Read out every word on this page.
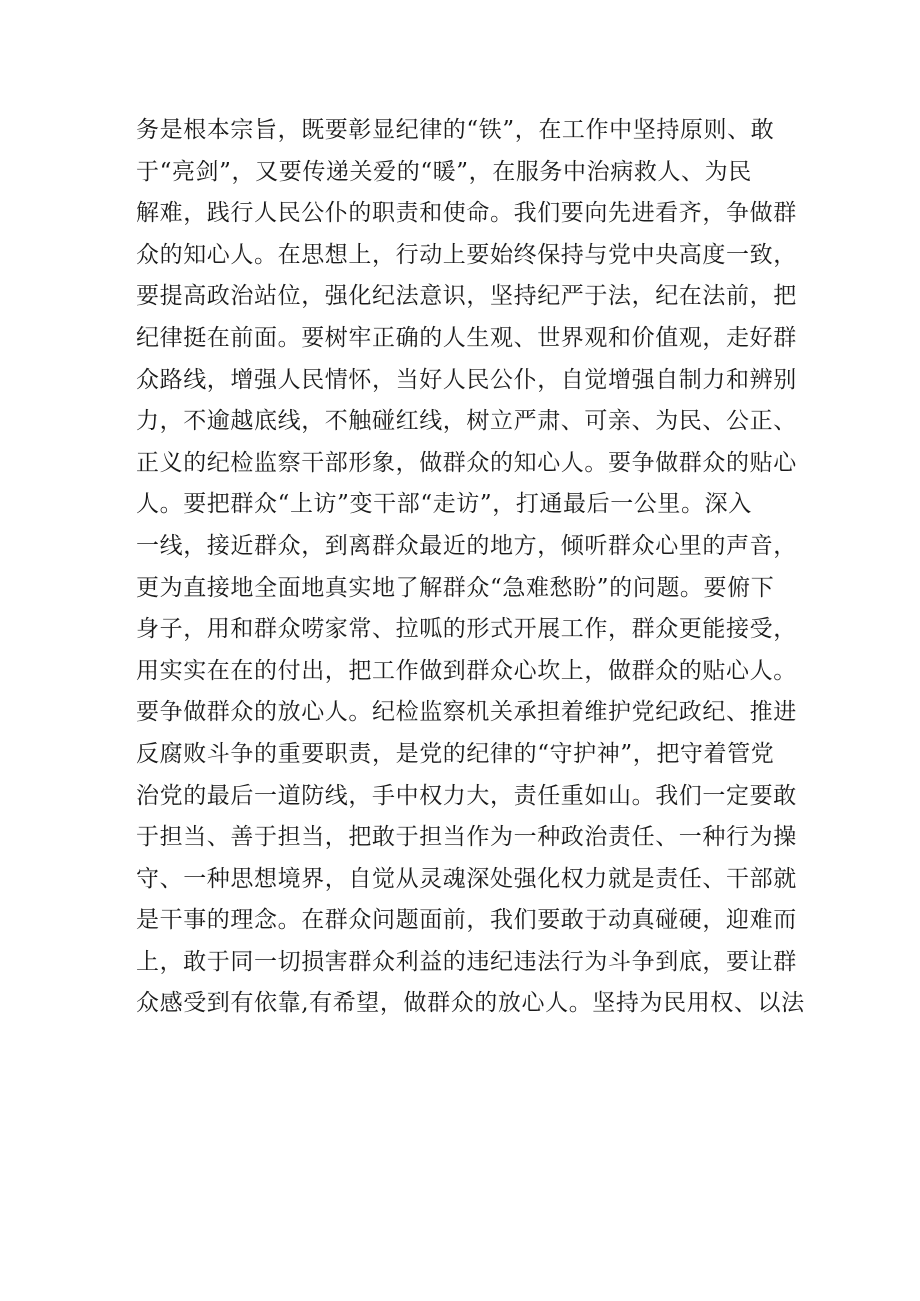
务是根本宗旨，既要彰显纪律的“铁”，在工作中坚持原则、敢
于“亮剑”，又要传递关爱的“暖”，在服务中治病救人、为民
解难，践行人民公仆的职责和使命。我们要向先进看齐，争做群
众的知心人。在思想上，行动上要始终保持与党中央高度一致，
要提高政治站位，强化纪法意识，坚持纪严于法，纪在法前，把
纪律挺在前面。要树牢正确的人生观、世界观和价值观，走好群
众路线，增强人民情怀，当好人民公仆，自觉增强自制力和辨别
力，不逾越底线，不触碰红线，树立严肃、可亲、为民、公正、
正义的纪检监察干部形象，做群众的知心人。要争做群众的贴心
人。要把群众“上访”变干部“走访”，打通最后一公里。深入
一线，接近群众，到离群众最近的地方，倾听群众心里的声音，
更为直接地全面地真实地了解群众“急难愁盼”的问题。要俯下
身子，用和群众唠家常、拉呱的形式开展工作，群众更能接受，
用实实在在的付出，把工作做到群众心坎上，做群众的贴心人。
要争做群众的放心人。纪检监察机关承担着维护党纪政纪、推进
反腐败斗争的重要职责，是党的纪律的“守护神”，把守着管党
治党的最后一道防线，手中权力大，责任重如山。我们一定要敢
于担当、善于担当，把敢于担当作为一种政治责任、一种行为操
守、一种思想境界，自觉从灵魂深处强化权力就是责任、干部就
是干事的理念。在群众问题面前，我们要敢于动真碰硬，迎难而
上，敢于同一切损害群众利益的违纪违法行为斗争到底，要让群
众感受到有依靠,有希望，做群众的放心人。坚持为民用权、以法
